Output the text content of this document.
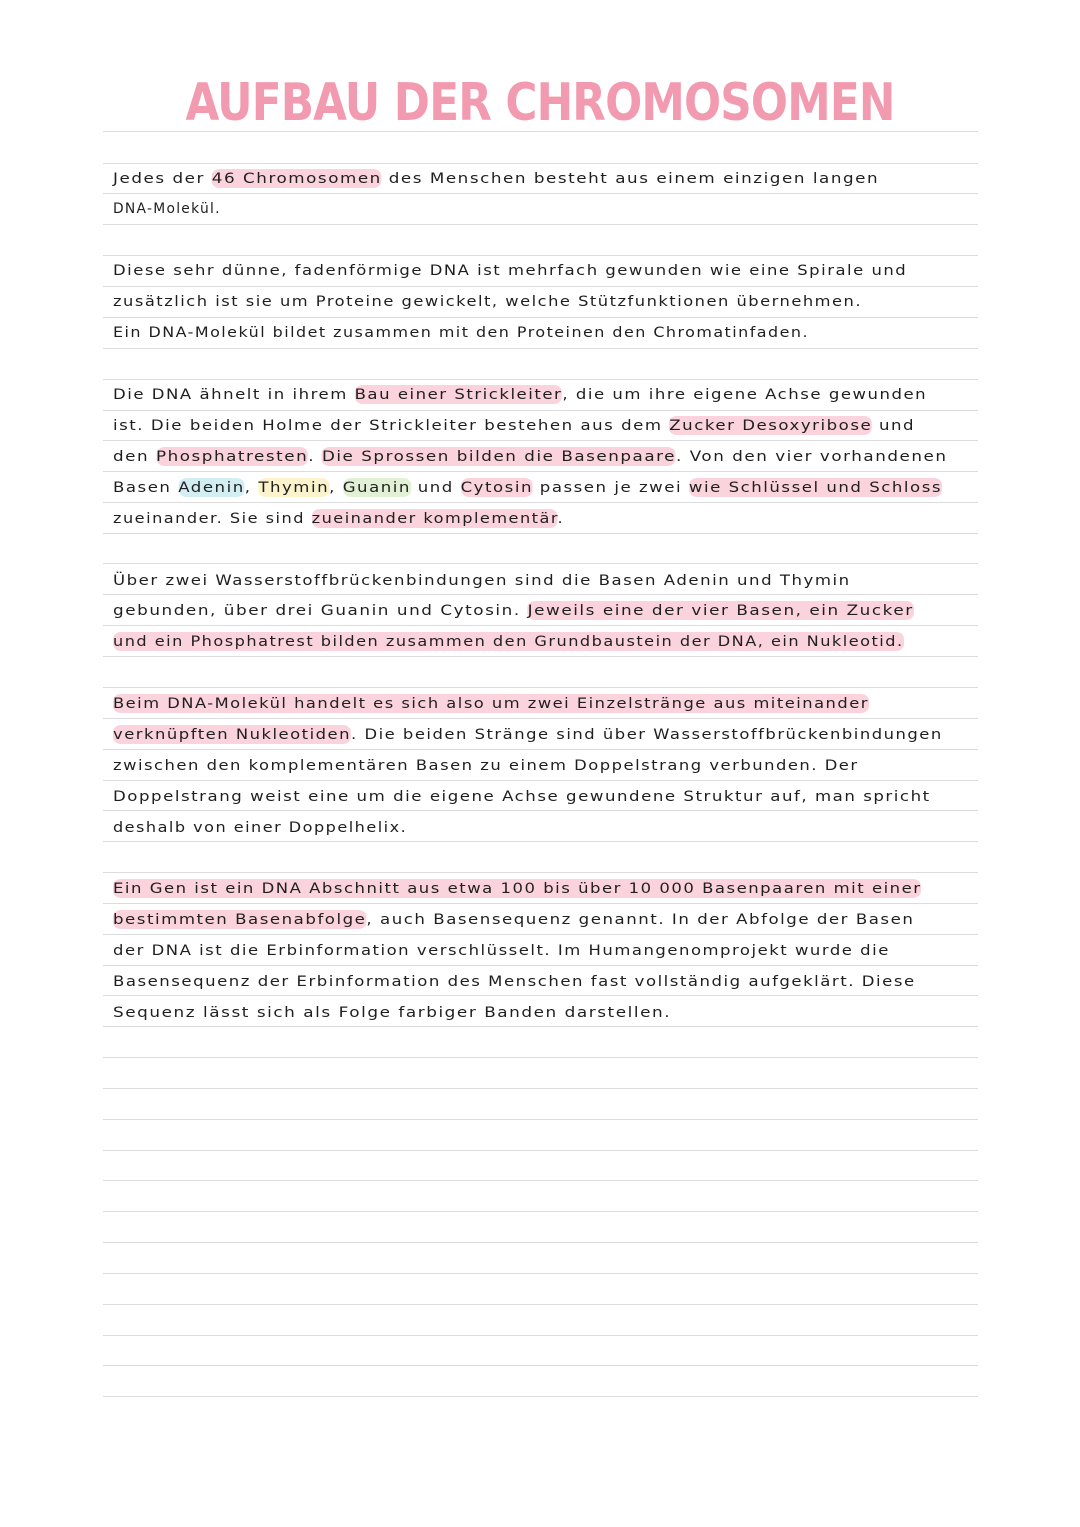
AUFBAU DER CHROMOSOMEN
Jedes der 46 Chromosomen des Menschen besteht aus einem einzigen langen
DNA-Molekül.
Diese sehr dünne, fadenförmige DNA ist mehrfach gewunden wie eine Spirale und
zusätzlich ist sie um Proteine gewickelt, welche Stützfunktionen übernehmen.
Ein DNA-Molekül bildet zusammen mit den Proteinen den Chromatinfaden.
Die DNA ähnelt in ihrem Bau einer Strickleiter, die um ihre eigene Achse gewunden
ist. Die beiden Holme der Strickleiter bestehen aus dem Zucker Desoxyribose und
den Phosphatresten. Die Sprossen bilden die Basenpaare. Von den vier vorhandenen
Basen Adenin, Thymin, Guanin und Cytosin passen je zwei wie Schlüssel und Schloss
zueinander. Sie sind zueinander komplementär.
Über zwei Wasserstoffbrückenbindungen sind die Basen Adenin und Thymin
gebunden, über drei Guanin und Cytosin. Jeweils eine der vier Basen, ein Zucker
und ein Phosphatrest bilden zusammen den Grundbaustein der DNA, ein Nukleotid.
Beim DNA-Molekül handelt es sich also um zwei Einzelstränge aus miteinander
verknüpften Nukleotiden. Die beiden Stränge sind über Wasserstoffbrückenbindungen
zwischen den komplementären Basen zu einem Doppelstrang verbunden. Der
Doppelstrang weist eine um die eigene Achse gewundene Struktur auf, man spricht
deshalb von einer Doppelhelix.
Ein Gen ist ein DNA Abschnitt aus etwa 100 bis über 10 000 Basenpaaren mit einer
bestimmten Basenabfolge, auch Basensequenz genannt. In der Abfolge der Basen
der DNA ist die Erbinformation verschlüsselt. Im Humangenomprojekt wurde die
Basensequenz der Erbinformation des Menschen fast vollständig aufgeklärt. Diese
Sequenz lässt sich als Folge farbiger Banden darstellen.
